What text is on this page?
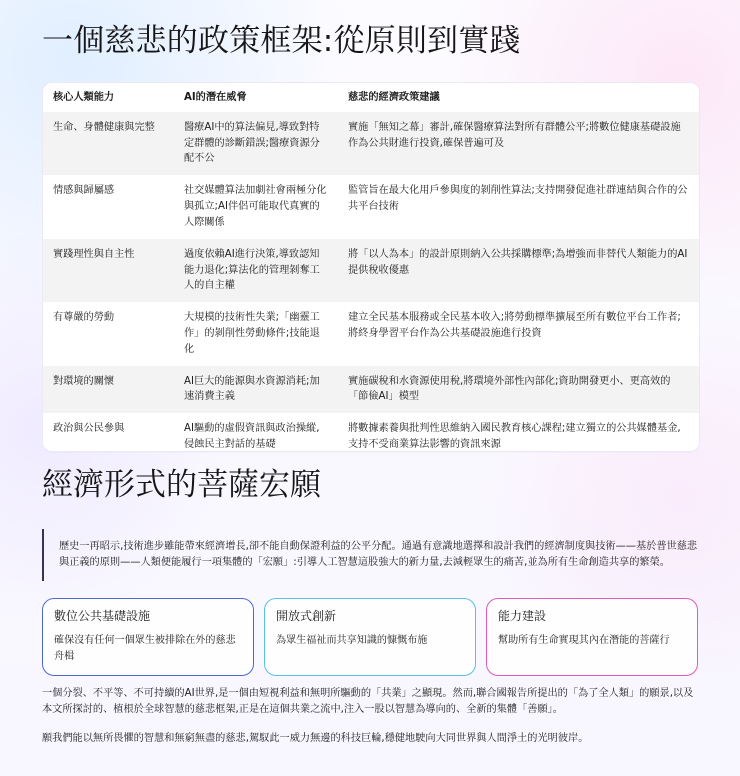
一個慈悲的政策框架:從原則到實踐
核心人類能力	AI的潛在威脅	慈悲的經濟政策建議
生命、身體健康與完整	醫療AI中的算法偏見,導致對特定群體的診斷錯誤;醫療資源分配不公	實施「無知之幕」審計,確保醫療算法對所有群體公平;將數位健康基礎設施作為公共財進行投資,確保普遍可及
情感與歸屬感	社交媒體算法加劇社會兩極分化與孤立;AI伴侶可能取代真實的人際關係	監管旨在最大化用戶參與度的剝削性算法;支持開發促進社群連結與合作的公共平台技術
實踐理性與自主性	過度依賴AI進行決策,導致認知能力退化;算法化的管理剝奪工人的自主權	將「以人為本」的設計原則納入公共採購標準;為增強而非替代人類能力的AI提供稅收優惠
有尊嚴的勞動	大規模的技術性失業;「幽靈工作」的剝削性勞動條件;技能退化	建立全民基本服務或全民基本收入;將勞動標準擴展至所有數位平台工作者;將終身學習平台作為公共基礎設施進行投資
對環境的關懷	AI巨大的能源與水資源消耗;加速消費主義	實施碳稅和水資源使用稅,將環境外部性內部化;資助開發更小、更高效的「節儉AI」模型
政治與公民參與	AI驅動的虛假資訊與政治操縱,侵蝕民主對話的基礎	將數據素養與批判性思維納入國民教育核心課程;建立獨立的公共媒體基金,支持不受商業算法影響的資訊來源
經濟形式的菩薩宏願
歷史一再昭示,技術進步雖能帶來經濟增長,卻不能自動保證利益的公平分配。通過有意識地選擇和設計我們的經濟制度與技術——基於普世慈悲與正義的原則——人類便能履行一項集體的「宏願」:引導人工智慧這股強大的新力量,去減輕眾生的痛苦,並為所有生命創造共享的繁榮。
數位公共基礎設施
確保沒有任何一個眾生被排除在外的慈悲舟楫
開放式創新
為眾生福祉而共享知識的慷慨布施
能力建設
幫助所有生命實現其內在潛能的菩薩行
一個分裂、不平等、不可持續的AI世界,是一個由短視利益和無明所驅動的「共業」之顯現。然而,聯合國報告所提出的「為了全人類」的願景,以及本文所探討的、植根於全球智慧的慈悲框架,正是在這個共業之流中,注入一股以智慧為導向的、全新的集體「善願」。
願我們能以無所畏懼的智慧和無窮無盡的慈悲,駕馭此一威力無邊的科技巨輪,穩健地駛向大同世界與人間淨土的光明彼岸。
